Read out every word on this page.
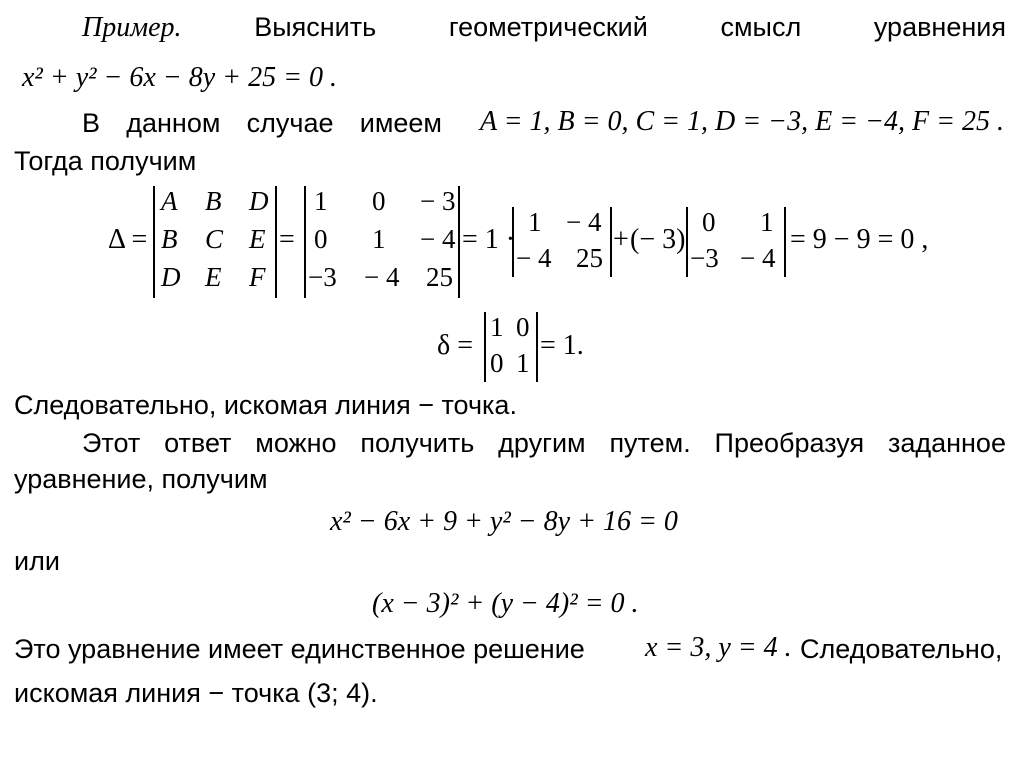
Пример.	Выяснить	геометрический	смысл	уравнения
x² + y² − 6x − 8y + 25 = 0 .
В данном случае имеем A = 1, B = 0, C = 1, D = −3, E = −4, F = 25 .
Тогда получим
Δ =
A B D
B C E
D E F
=
1 0 − 3
0 1 − 4
−3 − 4 25
= 1 ·
1 − 4
− 4 25
+ (− 3)
0 1
−3 − 4
= 9 − 9 = 0 ,
δ =
1 0
0 1
= 1.
Следовательно, искомая линия − точка.
Этот ответ можно получить другим путем. Преобразуя заданное
уравнение, получим
x² − 6x + 9 + y² − 8y + 16 = 0
или
(x − 3)² + (y − 4)² = 0 .
Это уравнение имеет единственное решение x = 3, y = 4 . Следовательно,
искомая линия − точка (3; 4).
